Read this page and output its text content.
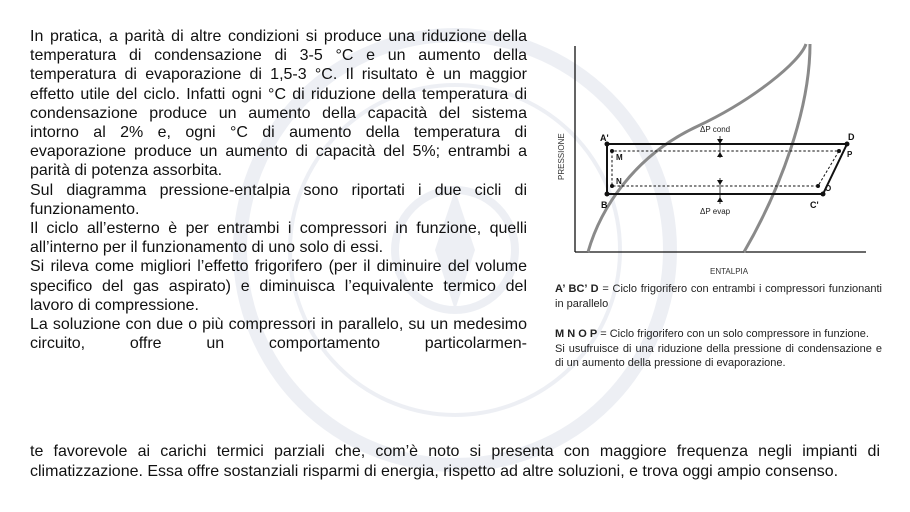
In pratica, a parità di altre condizioni si produce una riduzione della temperatura di condensazione di 3-5 °C e un aumento della temperatura di evaporazione di 1,5-3 °C. Il risultato è un maggior effetto utile del ciclo. Infatti ogni °C di riduzione della temperatura di condensazione produce un aumento della capacità del sistema intorno al 2% e, ogni °C di aumento della temperatura di evaporazione produce un aumento di capacità del 5%; entrambi a parità di potenza assorbita.

Sul diagramma pressione-entalpia sono riportati i due cicli di funzionamento.

Il ciclo all’esterno è per entrambi i compressori in funzione, quelli all’interno per il funzionamento di uno solo di essi.

Si rileva come migliori l’effetto frigorifero (per il diminuire del volume specifico del gas aspirato) e diminuisca l’equivalente termico del lavoro di compressione.

La soluzione con due o più compressori in parallelo, su un medesimo circuito, offre un comportamento particolarmen-

PRESSIONE
ENTALPIA
A'
B	C'
D
M
N
O
P
ΔP cond
ΔP evap

A’ BC’ D = Ciclo frigorifero con entrambi i compressori funzionanti in parallelo

M N O P = Ciclo frigorifero con un solo compressore in funzione.

Si usufruisce di una riduzione della pressione di condensazione e di un aumento della pressione di evaporazione.

te favorevole ai carichi termici parziali che, com’è noto si presenta con maggiore frequenza negli impianti di climatizzazione. Essa offre sostanziali risparmi di energia, rispetto ad altre soluzioni, e trova oggi ampio consenso.
